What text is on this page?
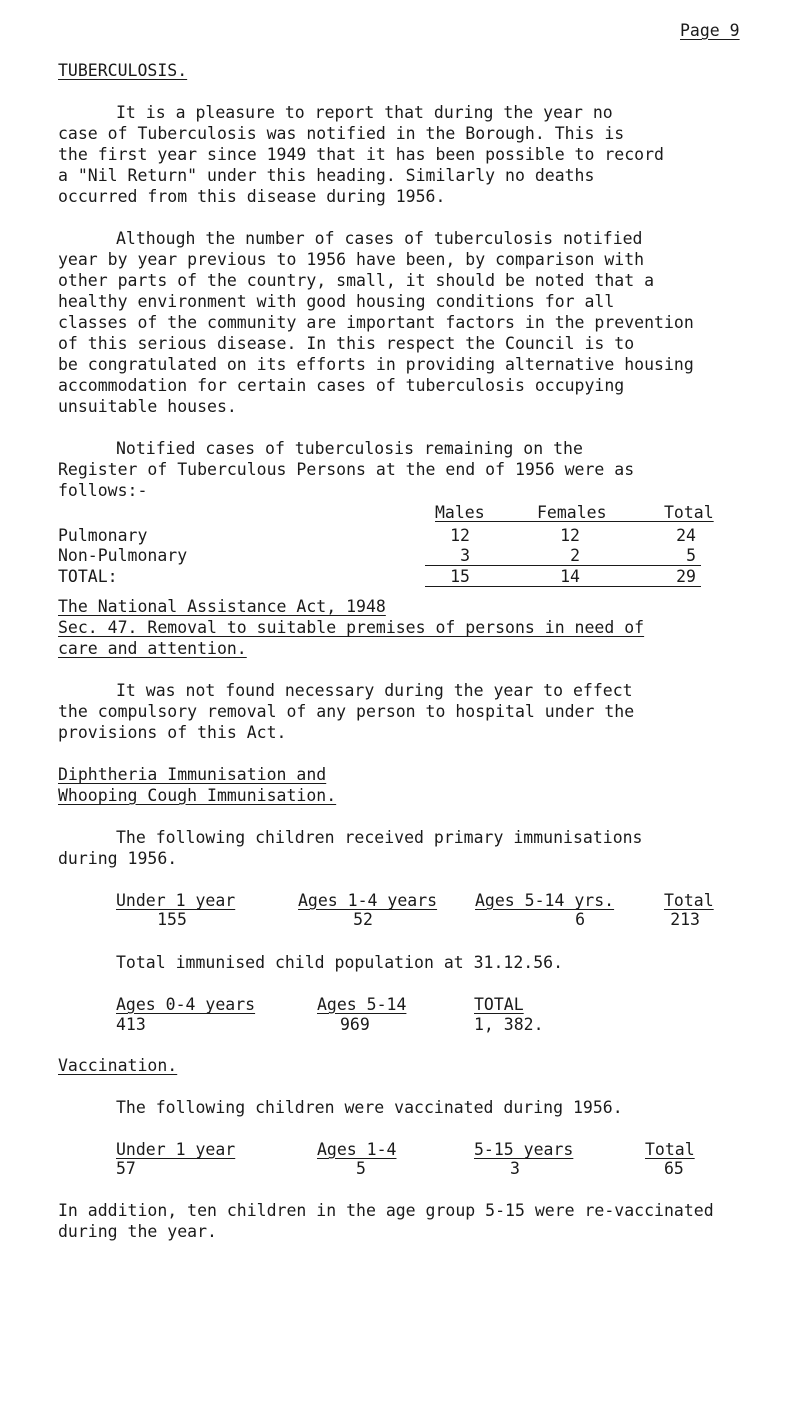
Page 9
TUBERCULOSIS.
It is a pleasure to report that during the year no
case of Tuberculosis was notified in the Borough. This is
the first year since 1949 that it has been possible to record
a "Nil Return" under this heading. Similarly no deaths
occurred from this disease during 1956.
Although the number of cases of tuberculosis notified
year by year previous to 1956 have been, by comparison with
other parts of the country, small, it should be noted that a
healthy environment with good housing conditions for all
classes of the community are important factors in the prevention
of this serious disease. In this respect the Council is to
be congratulated on its efforts in providing alternative housing
accommodation for certain cases of tuberculosis occupying
unsuitable houses.
Notified cases of tuberculosis remaining on the
Register of Tuberculous Persons at the end of 1956 were as
follows:-
Males	Females	Total
Pulmonary	12	12	24
Non-Pulmonary	3	2	5
TOTAL:	15	14	29
The National Assistance Act, 1948
Sec. 47. Removal to suitable premises of persons in need of
care and attention.
It was not found necessary during the year to effect
the compulsory removal of any person to hospital under the
provisions of this Act.
Diphtheria Immunisation and
Whooping Cough Immunisation.
The following children received primary immunisations
during 1956.
Under 1 year	Ages 1-4 years Ages 5-14 yrs.	Total
155	52	6	213
Total immunised child population at 31.12.56.
Ages 0-4 years	Ages 5-14	TOTAL
413	969	1, 382.
Vaccination.
The following children were vaccinated during 1956.
Under 1 year	Ages 1-4	5-15 years	Total
57	5	3	65
In addition, ten children in the age group 5-15 were re-vaccinated
during the year.
